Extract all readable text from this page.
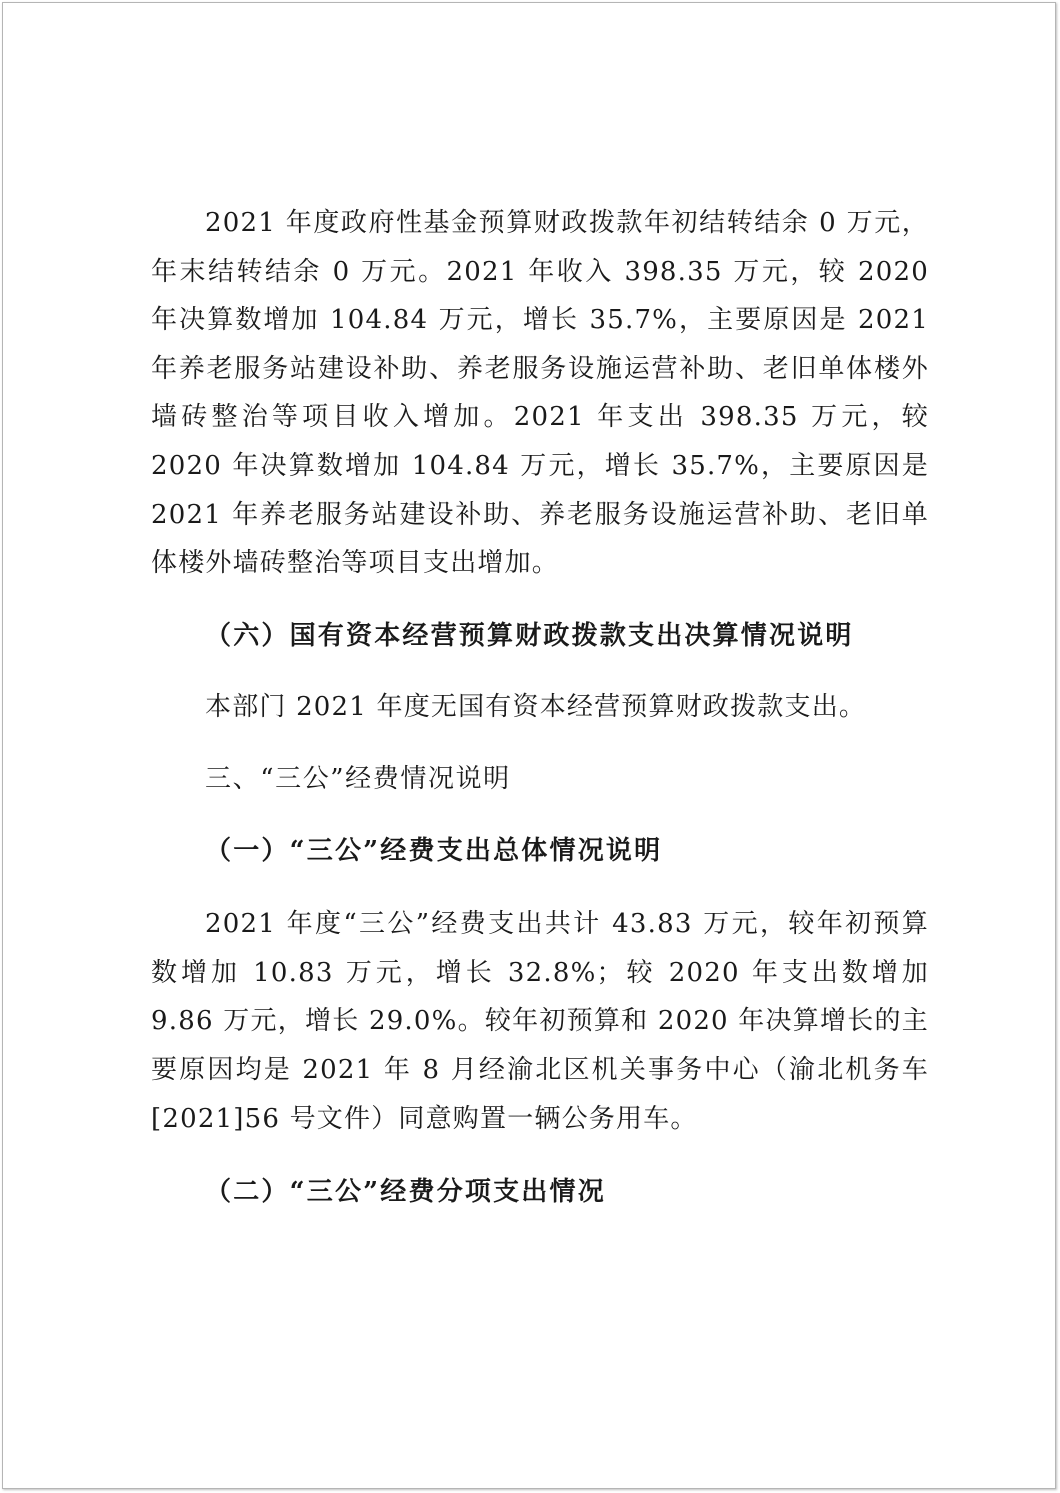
2021 年度政府性基金预算财政拨款年初结转结余 0 万元，年末结转结余 0 万元。2021 年收入 398.35 万元，较 2020 年决算数增加 104.84 万元，增长 35.7%，主要原因是 2021 年养老服务站建设补助、养老服务设施运营补助、老旧单体楼外墙砖整治等项目收入增加。2021 年支出 398.35 万元，较 2020 年决算数增加 104.84 万元，增长 35.7%，主要原因是 2021 年养老服务站建设补助、养老服务设施运营补助、老旧单体楼外墙砖整治等项目支出增加。

（六）国有资本经营预算财政拨款支出决算情况说明

本部门 2021 年度无国有资本经营预算财政拨款支出。

三、“三公”经费情况说明

（一）“三公”经费支出总体情况说明

2021 年度“三公”经费支出共计 43.83 万元，较年初预算数增加 10.83 万元，增长 32.8%；较 2020 年支出数增加 9.86 万元，增长 29.0%。较年初预算和 2020 年决算增长的主要原因均是 2021 年 8 月经渝北区机关事务中心（渝北机务车[2021]56 号文件）同意购置一辆公务用车。

（二）“三公”经费分项支出情况
